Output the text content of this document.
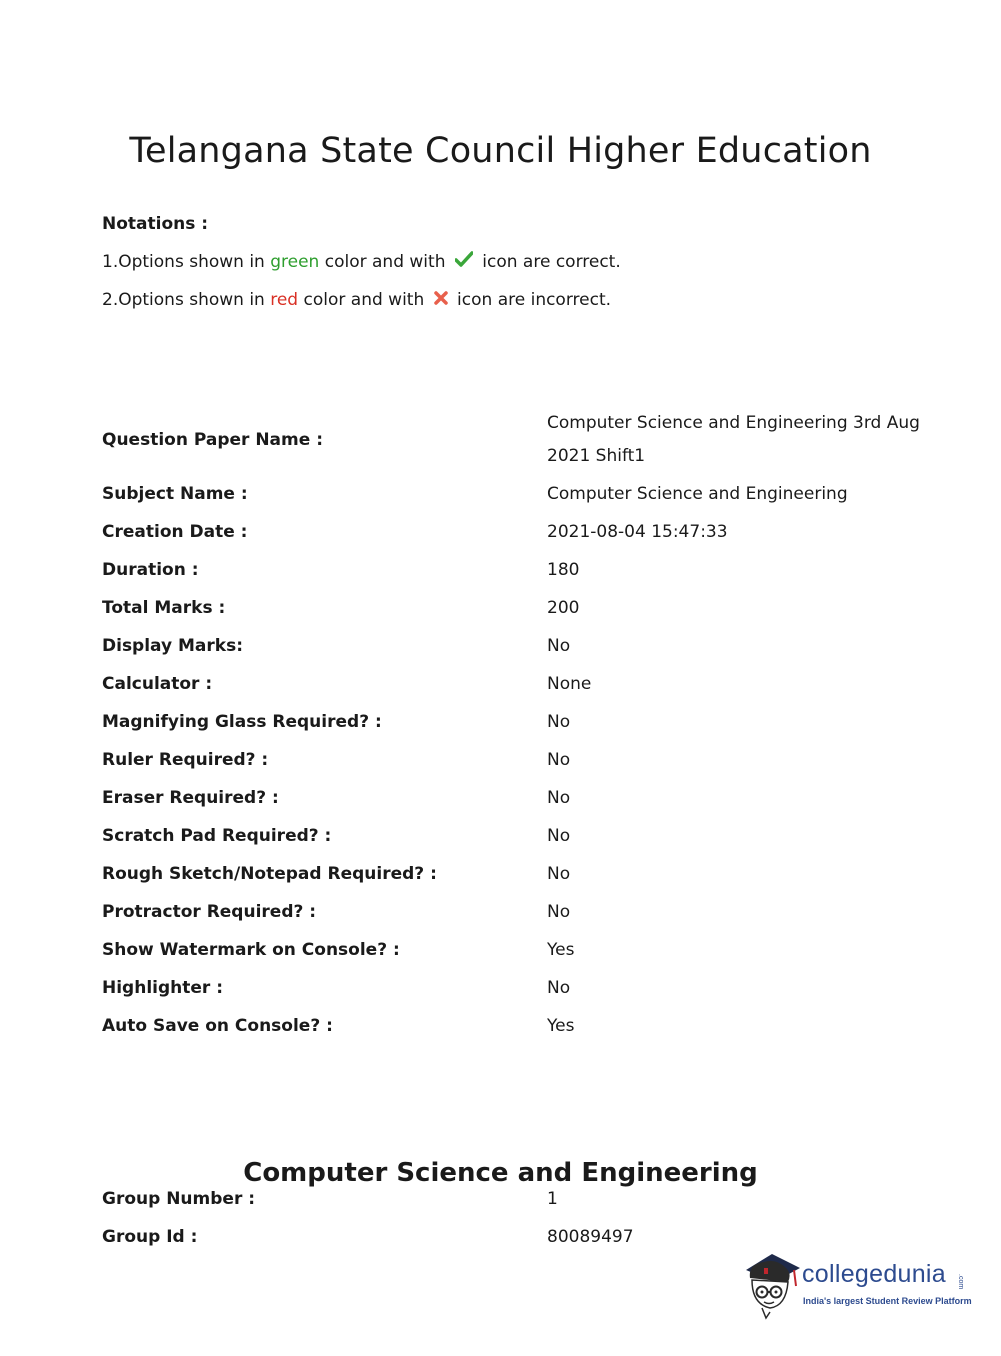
Telangana State Council Higher Education
Notations :
1.Options shown in green color and with  icon are correct.
2.Options shown in red color and with  icon are incorrect.
Question Paper Name :
Computer Science and Engineering 3rd Aug 2021 Shift1
Subject Name :	Computer Science and Engineering
Creation Date :	2021-08-04 15:47:33
Duration :	180
Total Marks :	200
Display Marks:	No
Calculator :	None
Magnifying Glass Required? :	No
Ruler Required? :	No
Eraser Required? :	No
Scratch Pad Required? :	No
Rough Sketch/Notepad Required? :	No
Protractor Required? :	No
Show Watermark on Console? :	Yes
Highlighter :	No
Auto Save on Console? :	Yes
Computer Science and Engineering
Group Number :	1
Group Id :	80089497
collegedunia .com
India's largest Student Review Platform
